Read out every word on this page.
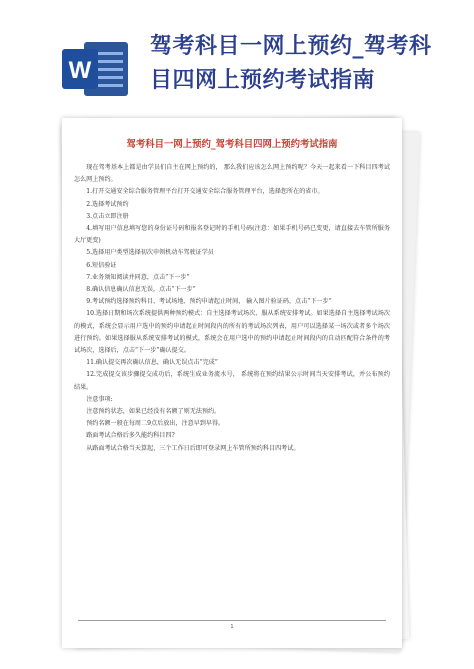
W
驾考科目一网上预约_驾考科目四网上预约考试指南
驾考科目一网上预约_驾考科目四网上预约考试指南

现在驾考基本上都是由学员们自主在网上预约的， 那么我们应该怎么网上预约呢？今天一起来看一下科目四考试怎么网上预约。

1.打开交通安全综合服务管理平台打开交通安全综合服务管理平台，选择您所在的省市。

2.选择考试预约

3.点击立即注册

4.填写用户信息填写您的身份证号码和报名登记时的手机号码(注意：如果手机号码已变更，请直接去车管所服务大厅更变)

5.选择用户类型选择初次申领机动车驾驶证学员

6.短信验证

7.业务须知阅读并同意，点击“下一步”

8.确认信息确认信息无误，点击“下一步”

9.考试预约选择预约科目、考试场地、预约申请起止时间， 输入图片验证码，点击“下一步”

10.选择日期和场次系统提供两种预约模式：自主选择考试场次、服从系统安排考试。如果选择自主选择考试场次的模式，系统会显示用户选中的预约申请起止时间段内的所有的考试场次列表，用户可以选择某一场次或者多个场次进行预约。如果选择服从系统安排考试的模式，系统会在用户选中的预约申请起止时间段内的自动匹配符合条件的考试场次，选择后，点击“下一步”确认提交。

11.确认提交再次确认信息，确认无误点击“完成”

12.完成提交该步骤提交成功后，系统生成业务流水号， 系统将在预约结果公示时间当天安排考试，并公布预约结果。

注意事项:

注意预约状态，如果已经没有名额了则无法预约。

预约名额一般在每周二9点后放出，注意早到早得。

路面考试合格后多久能约科目四?

从路面考试合格当天算起，三个工作日后即可登录网上车管所预约科目四考试。

1
